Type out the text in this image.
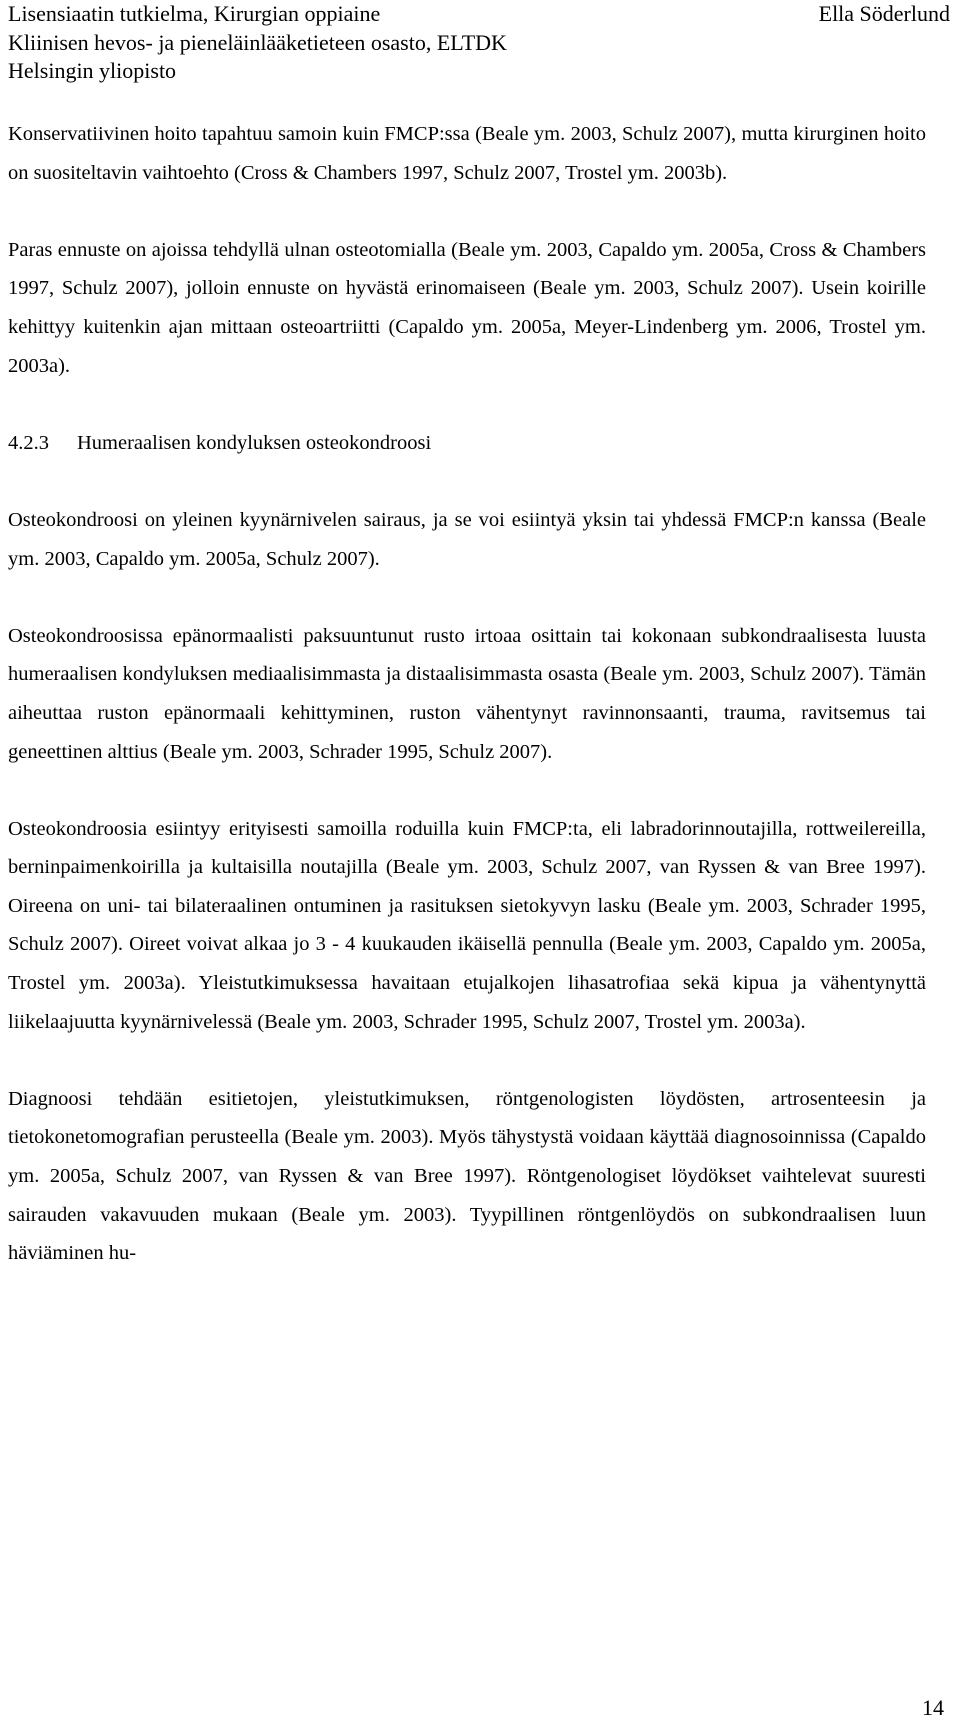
Lisensiaatin tutkielma, Kirurgian oppiaine
Kliinisen hevos- ja pieneläinlääketieteen osasto, ELTDK
Helsingin yliopisto
Ella Söderlund

Konservatiivinen hoito tapahtuu samoin kuin FMCP:ssa (Beale ym. 2003, Schulz 2007), mutta kirurginen hoito on suositeltavin vaihtoehto (Cross & Chambers 1997, Schulz 2007, Trostel ym. 2003b).

Paras ennuste on ajoissa tehdyllä ulnan osteotomialla (Beale ym. 2003, Capaldo ym. 2005a, Cross & Chambers 1997, Schulz 2007), jolloin ennuste on hyvästä erinomaiseen (Beale ym. 2003, Schulz 2007). Usein koirille kehittyy kuitenkin ajan mittaan osteoartriitti (Capaldo ym. 2005a, Meyer-Lindenberg ym. 2006, Trostel ym. 2003a).

4.2.3 Humeraalisen kondyluksen osteokondroosi

Osteokondroosi on yleinen kyynärnivelen sairaus, ja se voi esiintyä yksin tai yhdessä FMCP:n kanssa (Beale ym. 2003, Capaldo ym. 2005a, Schulz 2007).

Osteokondroosissa epänormaalisti paksuuntunut rusto irtoaa osittain tai kokonaan subkondraalisesta luusta humeraalisen kondyluksen mediaalisimmasta ja distaalisimmasta osasta (Beale ym. 2003, Schulz 2007). Tämän aiheuttaa ruston epänormaali kehittyminen, ruston vähentynyt ravinnonsaanti, trauma, ravitsemus tai geneettinen alttius (Beale ym. 2003, Schrader 1995, Schulz 2007).

Osteokondroosia esiintyy erityisesti samoilla roduilla kuin FMCP:ta, eli labradorinnoutajilla, rottweilereilla, berninpaimenkoirilla ja kultaisilla noutajilla (Beale ym. 2003, Schulz 2007, van Ryssen & van Bree 1997). Oireena on uni- tai bilateraalinen ontuminen ja rasituksen sietokyvyn lasku (Beale ym. 2003, Schrader 1995, Schulz 2007). Oireet voivat alkaa jo 3 - 4 kuukauden ikäisellä pennulla (Beale ym. 2003, Capaldo ym. 2005a, Trostel ym. 2003a). Yleistutkimuksessa havaitaan etujalkojen lihasatrofiaa sekä kipua ja vähentynyttä liikelaajuutta kyynärnivelessä (Beale ym. 2003, Schrader 1995, Schulz 2007, Trostel ym. 2003a).

Diagnoosi tehdään esitietojen, yleistutkimuksen, röntgenologisten löydösten, artrosenteesin ja tietokonetomografian perusteella (Beale ym. 2003). Myös tähystystä voidaan käyttää diagnosoinnissa (Capaldo ym. 2005a, Schulz 2007, van Ryssen & van Bree 1997). Röntgenologiset löydökset vaihtelevat suuresti sairauden vakavuuden mukaan (Beale ym. 2003). Tyypillinen röntgenlöydös on subkondraalisen luun häviäminen hu-

14
